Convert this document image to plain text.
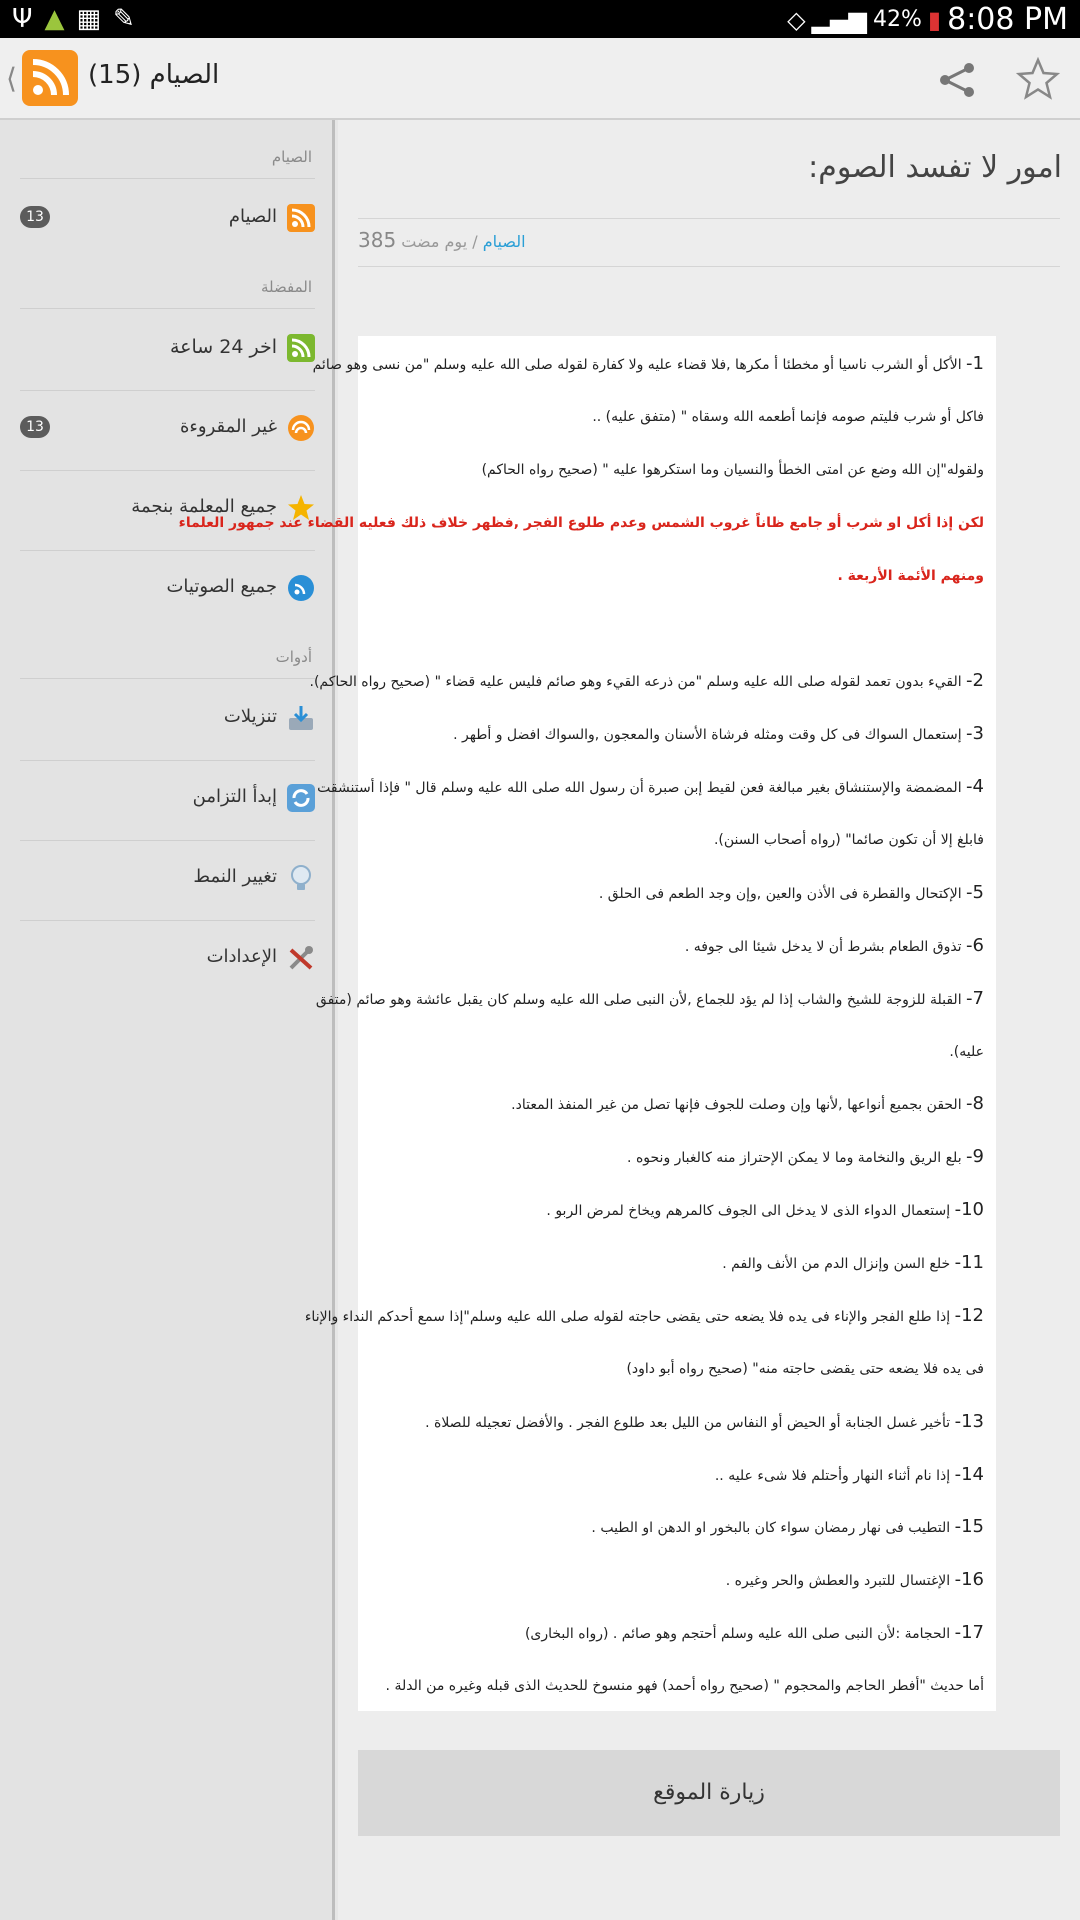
Ψ ▲ ▦ ✎	◇ ▂▄▆ 42% ▮ 8:08 PM
⟨	الصيام (15)
الصيام
الصيام
13
المفضلة
اخر 24 ساعة
غير المقروءة
13
جميع المعلمة بنجمة
جميع الصوتيات
أدوات
تنزيلات
إبدأ التزامن
تغيير النمط
الإعدادات
امور لا تفسد الصوم:
385	الصيام / يوم مضت
1- الأكل أو الشرب ناسيا أو مخطئا أ مكرها ,فلا قضاء عليه ولا كفارة لقوله صلى الله عليه وسلم "من نسى وهو صائم
فاكل أو شرب فليتم صومه فإنما أطعمه الله وسقاه " (متفق عليه) ..
ولقوله"إن الله وضع عن امتى الخطأ والنسيان وما استكرهوا عليه " (صحيح رواه الحاكم)
لكن إذا أكل او شرب أو جامع ظاناً غروب الشمس وعدم طلوع الفجر ,فظهر خلاف ذلك فعليه القضاء عند جمهور العلماء
ومنهم الأئمة الأربعة .
2- القيء بدون تعمد لقوله صلى الله عليه وسلم "من ذرعه القيء وهو صائم فليس عليه قضاء " (صحيح رواه الحاكم).
3- إستعمال السواك فى كل وقت ومثله فرشاة الأسنان والمعجون ,والسواك افضل و أطهر .
4- المضمضة والإستنشاق بغير مبالغة فعن لقيط إبن صبرة أن رسول الله صلى الله عليه وسلم قال " فإذا أستنشقت
فابلغ إلا أن تكون صائما" (رواه أصحاب السنن).
5- الإكتحال والقطرة فى الأذن والعين ,وإن وجد الطعم فى الحلق .
6- تذوق الطعام بشرط أن لا يدخل شيئا الى جوفه .
7- القبلة للزوجة للشيخ والشاب إذا لم يؤد للجماع ,لأن النبى صلى الله عليه وسلم كان يقبل عائشة وهو صائم (متفق
عليه).
8- الحقن بجميع أنواعها ,لأنها وإن وصلت للجوف فإنها تصل من غير المنفذ المعتاد.
9- بلع الريق والنخامة وما لا يمكن الإحتراز منه كالغبار ونحوه .
10- إستعمال الدواء الذى لا يدخل الى الجوف كالمرهم ويخاخ لمرض الربو .
11- خلع السن وإنزال الدم من الأنف والفم .
12- إذا طلع الفجر والإناء فى يده فلا يضعه حتى يقضى حاجته لقوله صلى الله عليه وسلم"إذا سمع أحدكم النداء والإناء
فى يده فلا يضعه حتى يقضى حاجته منه" (صحيح رواه أبو داود)
13- تأخير غسل الجنابة أو الحيض أو النفاس من الليل بعد طلوع الفجر . والأفضل تعجيله للصلاة .
14- إذا نام أثناء النهار وأحتلم فلا شىء عليه ..
15- التطيب فى نهار رمضان سواء كان بالبخور او الدهن او الطيب .
16- الإغتسال للتبرد والعطش والحر وغيره .
17- الحجامة :لأن النبى صلى الله عليه وسلم أحتجم وهو صائم . (رواه البخارى)
أما حديث "أفطر الحاجم والمحجوم " (صحيح رواه أحمد) فهو منسوخ للحديث الذى قبله وغيره من الدلة .
زيارة الموقع
